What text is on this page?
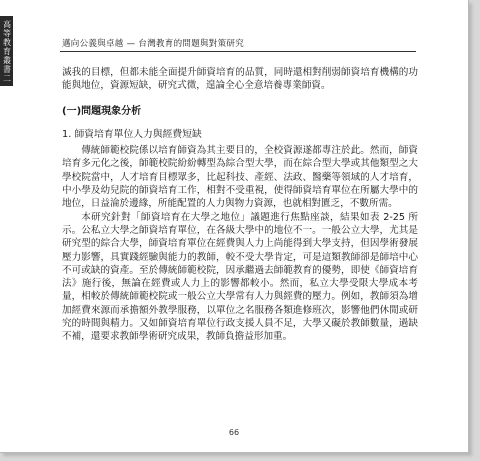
高等教育叢書二	邁向公義與卓越 — 台灣教育的問題與對策研究

滅我的目標，但都未能全面提升師資培育的品質，同時還相對削弱師資培育機構的功能與地位，資源短缺，研究式微，遑論全心全意培養專業師資。

(一)問題現象分析

1. 師資培育單位人力與經費短缺

傳統師範校院係以培育師資為其主要目的，全校資源遂都專注於此。然而，師資培育多元化之後，師範校院紛紛轉型為綜合型大學，而在綜合型大學或其他類型之大學校院當中，人才培育目標眾多，比起科技、產經、法政、醫藥等領域的人才培育，中小學及幼兒院的師資培育工作，相對不受重視，使得師資培育單位在所屬大學中的地位，日益淪於邊緣，所能配置的人力與物力資源，也就相對匱乏，不數所需。

本研究針對「師資培育在大學之地位」議題進行焦點座談，結果如表 2-25 所示。公私立大學之師資培育單位，在各級大學中的地位不一。一般公立大學，尤其是研究型的綜合大學，師資培育單位在經費與人力上尚能得到大學支持，但因學術發展壓力影響，具實踐經驗與能力的教師，較不受大學肯定，可是這類教師卻是師培中心不可或缺的資產。至於傳統師範校院，因承繼過去師範教育的優勢，即使《師資培育法》施行後，無論在經費或人力上的影響都較小。然而，私立大學受限大學成本考量，相較於傳統師範校院或一般公立大學常有人力與經費的壓力。例如，教師須為增加經費來源而承擔額外教學服務，以單位之名服務各類進修班次，影響他們休閒或研究的時間與精力。又如師資培育單位行政支援人員不足，大學又礙於教師數量，過缺不補，還要求教師學術研究成果，教師負擔益形加重。

66
